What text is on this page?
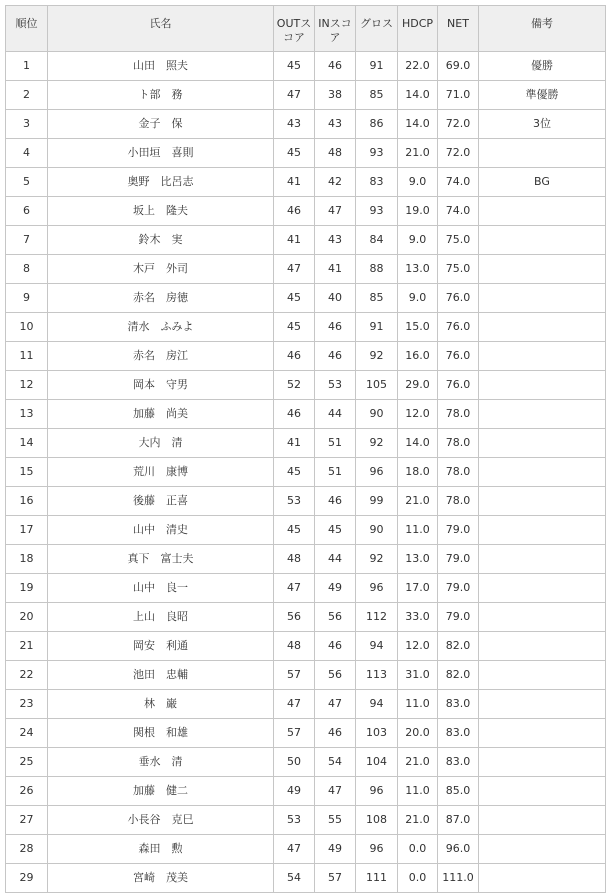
順位	氏名	OUTスコア	INスコア	グロス	HDCP	NET	備考
1	山田　照夫	45	46	91	22.0	69.0	優勝
2	ト部　務	47	38	85	14.0	71.0	準優勝
3	金子　保	43	43	86	14.0	72.0	3位
4	小田垣　喜則	45	48	93	21.0	72.0	
5	奥野　比呂志	41	42	83	9.0	74.0	BG
6	坂上　隆夫	46	47	93	19.0	74.0	
7	鈴木　実	41	43	84	9.0	75.0	
8	木戸　外司	47	41	88	13.0	75.0	
9	赤名　房徳	45	40	85	9.0	76.0	
10	清水　ふみよ	45	46	91	15.0	76.0	
11	赤名　房江	46	46	92	16.0	76.0	
12	岡本　守男	52	53	105	29.0	76.0	
13	加藤　尚美	46	44	90	12.0	78.0	
14	大内　清	41	51	92	14.0	78.0	
15	荒川　康博	45	51	96	18.0	78.0	
16	後藤　正喜	53	46	99	21.0	78.0	
17	山中　清史	45	45	90	11.0	79.0	
18	真下　富士夫	48	44	92	13.0	79.0	
19	山中　良一	47	49	96	17.0	79.0	
20	上山　良昭	56	56	112	33.0	79.0	
21	岡安　利通	48	46	94	12.0	82.0	
22	池田　忠輔	57	56	113	31.0	82.0	
23	林　巌	47	47	94	11.0	83.0	
24	関根　和雄	57	46	103	20.0	83.0	
25	垂水　清	50	54	104	21.0	83.0	
26	加藤　健二	49	47	96	11.0	85.0	
27	小長谷　克巳	53	55	108	21.0	87.0	
28	森田　勲	47	49	96	0.0	96.0	
29	宮崎　茂美	54	57	111	0.0	111.0	
